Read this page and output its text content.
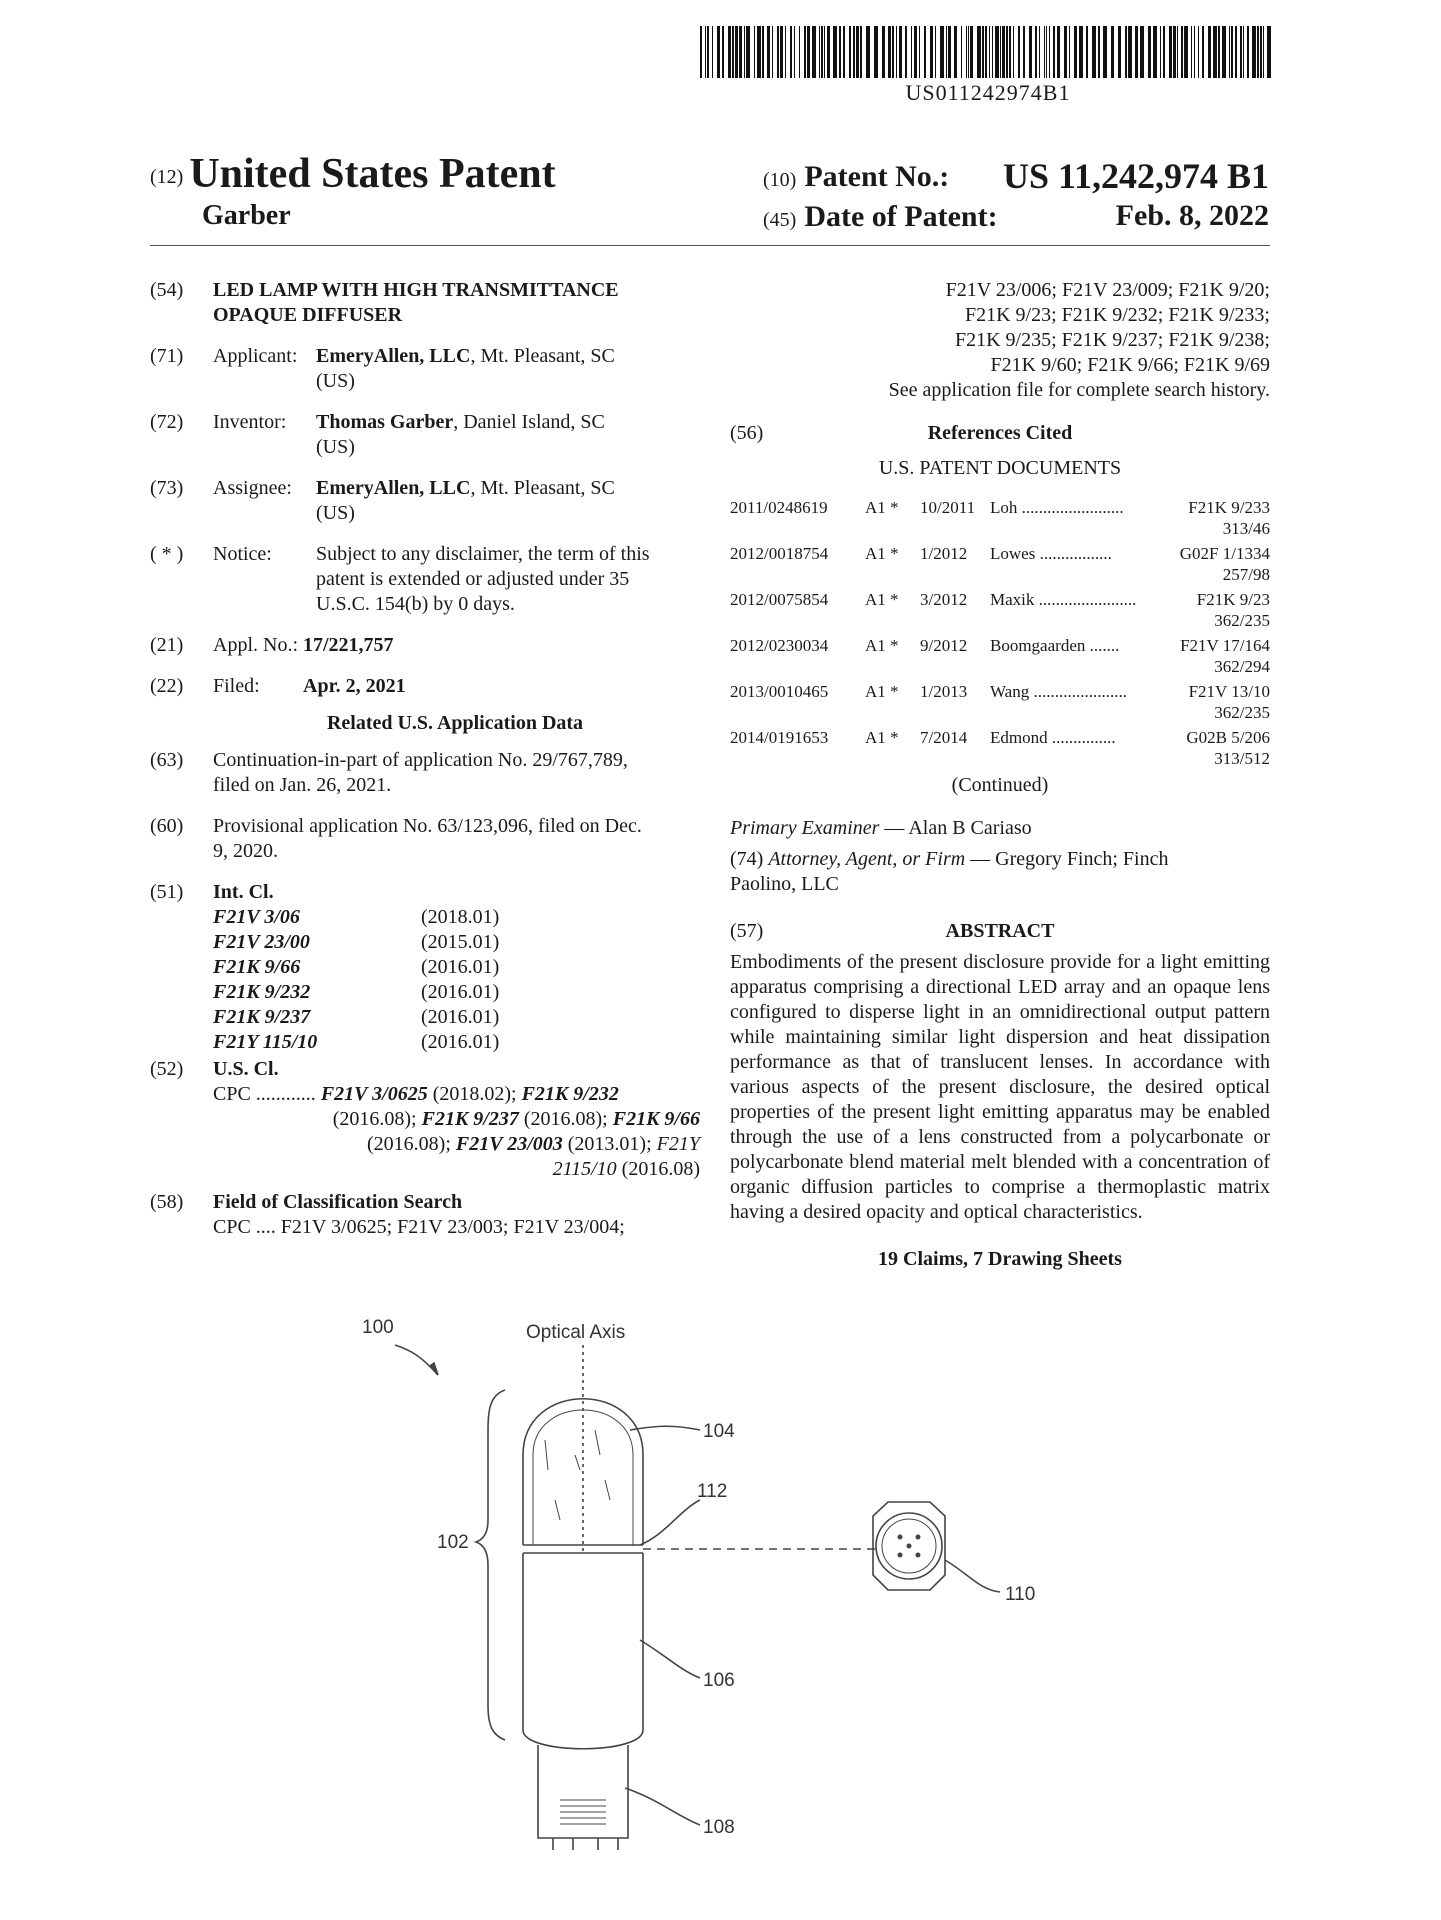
US011242974B1
(12) United States Patent
Garber
(10) Patent No.: US 11,242,974 B1
(45) Date of Patent:	Feb. 8, 2022
(54)	LED LAMP WITH HIGH TRANSMITTANCE
OPAQUE DIFFUSER
(71)	Applicant: EmeryAllen, LLC, Mt. Pleasant, SC
(US)
(72)	Inventor: Thomas Garber, Daniel Island, SC
(US)
(73)	Assignee: EmeryAllen, LLC, Mt. Pleasant, SC
(US)
( * )	Notice: Subject to any disclaimer, the term of this
patent is extended or adjusted under 35
U.S.C. 154(b) by 0 days.
(21)	Appl. No.: 17/221,757
(22)	Filed: Apr. 2, 2021
Related U.S. Application Data
(63)	Continuation-in-part of application No. 29/767,789,
filed on Jan. 26, 2021.
(60)	Provisional application No. 63/123,096, filed on Dec.
9, 2020.
(51)	Int. Cl.
F21V 3/06	(2018.01)
F21V 23/00	(2015.01)
F21K 9/66	(2016.01)
F21K 9/232	(2016.01)
F21K 9/237	(2016.01)
F21Y 115/10	(2016.01)
(52)	U.S. Cl.
CPC ............ F21V 3/0625 (2018.02); F21K 9/232
(2016.08); F21K 9/237 (2016.08); F21K 9/66
(2016.08); F21V 23/003 (2013.01); F21Y
2115/10 (2016.08)
(58)	Field of Classification Search
CPC .... F21V 3/0625; F21V 23/003; F21V 23/004;
F21V 23/006; F21V 23/009; F21K 9/20;
F21K 9/23; F21K 9/232; F21K 9/233;
F21K 9/235; F21K 9/237; F21K 9/238;
F21K 9/60; F21K 9/66; F21K 9/69
See application file for complete search history.
(56)	References Cited
U.S. PATENT DOCUMENTS
2011/0248619	A1 *	10/2011 Loh ........................	F21K 9/233
313/46
2012/0018754	A1 *	1/2012	Lowes .................	G02F 1/1334
257/98
2012/0075854	A1 *	3/2012	Maxik .......................	F21K 9/23
362/235
2012/0230034	A1 *	9/2012	Boomgaarden .......	F21V 17/164
362/294
2013/0010465	A1 *	1/2013	Wang ......................	F21V 13/10
362/235
2014/0191653	A1 *	7/2014	Edmond ...............	G02B 5/206
313/512
(Continued)
Primary Examiner — Alan B Cariaso
(74) Attorney, Agent, or Firm — Gregory Finch; Finch
Paolino, LLC
(57)	ABSTRACT
Embodiments of the present disclosure provide for a light emitting apparatus comprising a directional LED array and an opaque lens configured to disperse light in an omnidirectional output pattern while maintaining similar light dispersion and heat dissipation performance as that of translucent lenses. In accordance with various aspects of the present disclosure, the desired optical properties of the present light emitting apparatus may be enabled through the use of a lens constructed from a polycarbonate or polycarbonate blend material melt blended with a concentration of organic diffusion particles to comprise a thermoplastic matrix having a desired opacity and optical characteristics.
19 Claims, 7 Drawing Sheets
100	Optical Axis
102
104
112
106
108
110
